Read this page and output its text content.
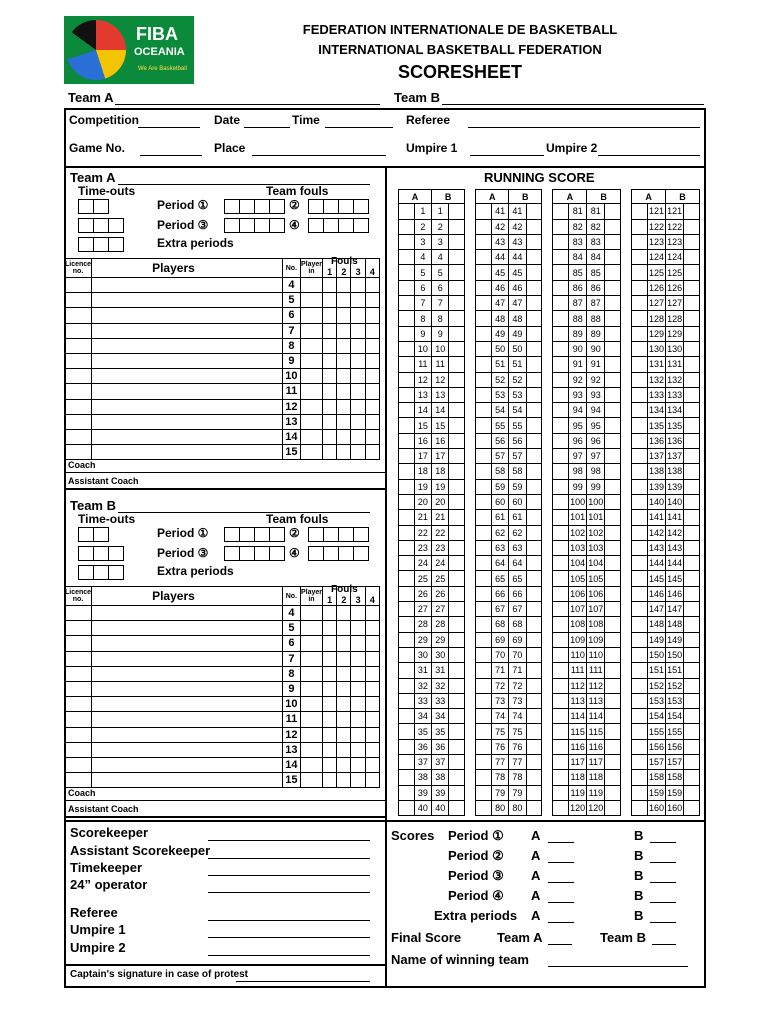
FIBA
OCEANIA
We Are Basketball
FEDERATION INTERNATIONALE DE BASKETBALL
INTERNATIONAL BASKETBALL FEDERATION
SCORESHEET
Team A	Team B
Competition	Date	Time	Referee
Game No.	Place	Umpire 1	Umpire 2
Team A
Time-outs	Team fouls
Period ①
Period ③
Extra periods
②
④
Licence no.	Players	No.	Player in	1	2	3	4
		4					
		5					
		6					
		7					
		8					
		9					
		10					
		11					
		12					
		13					
		14					
		15					
Fouls
Coach
Assistant Coach
Team B
Time-outs	Team fouls
Period ①
Period ③
Extra periods
②
④
Licence no.	Players	No.	Player in	1	2	3	4
		4					
		5					
		6					
		7					
		8					
		9					
		10					
		11					
		12					
		13					
		14					
		15					
Fouls
Coach
Assistant Coach
RUNNING SCORE
A		B			A		B			A		B			A		B	
	1	1				41	41				81	81				121	121	
	2	2				42	42				82	82				122	122	
	3	3				43	43				83	83				123	123	
	4	4				44	44				84	84				124	124	
	5	5				45	45				85	85				125	125	
	6	6				46	46				86	86				126	126	
	7	7				47	47				87	87				127	127	
	8	8				48	48				88	88				128	128	
	9	9				49	49				89	89				129	129	
	10	10				50	50				90	90				130	130	
	11	11				51	51				91	91				131	131	
	12	12				52	52				92	92				132	132	
	13	13				53	53				93	93				133	133	
	14	14				54	54				94	94				134	134	
	15	15				55	55				95	95				135	135	
	16	16				56	56				96	96				136	136	
	17	17				57	57				97	97				137	137	
	18	18				58	58				98	98				138	138	
	19	19				59	59				99	99				139	139	
	20	20				60	60				100	100				140	140	
	21	21				61	61				101	101				141	141	
	22	22				62	62				102	102				142	142	
	23	23				63	63				103	103				143	143	
	24	24				64	64				104	104				144	144	
	25	25				65	65				105	105				145	145	
	26	26				66	66				106	106				146	146	
	27	27				67	67				107	107				147	147	
	28	28				68	68				108	108				148	148	
	29	29				69	69				109	109				149	149	
	30	30				70	70				110	110				150	150	
	31	31				71	71				111	111				151	151	
	32	32				72	72				112	112				152	152	
	33	33				73	73				113	113				153	153	
	34	34				74	74				114	114				154	154	
	35	35				75	75				115	115				155	155	
	36	36				76	76				116	116				156	156	
	37	37				77	77				117	117				157	157	
	38	38				78	78				118	118				158	158	
	39	39				79	79				119	119				159	159	
	40	40				80	80				120	120				160	160	
Scorekeeper
Assistant Scorekeeper
Timekeeper
24” operator
Referee
Umpire 1
Umpire 2
Captain's signature in case of protest
Scores Period ① A	B
Period ② A	B
Period ③ A	B
Period ④ A	B
Extra periods A	B
Final Score	Team A	Team B
Name of winning team
